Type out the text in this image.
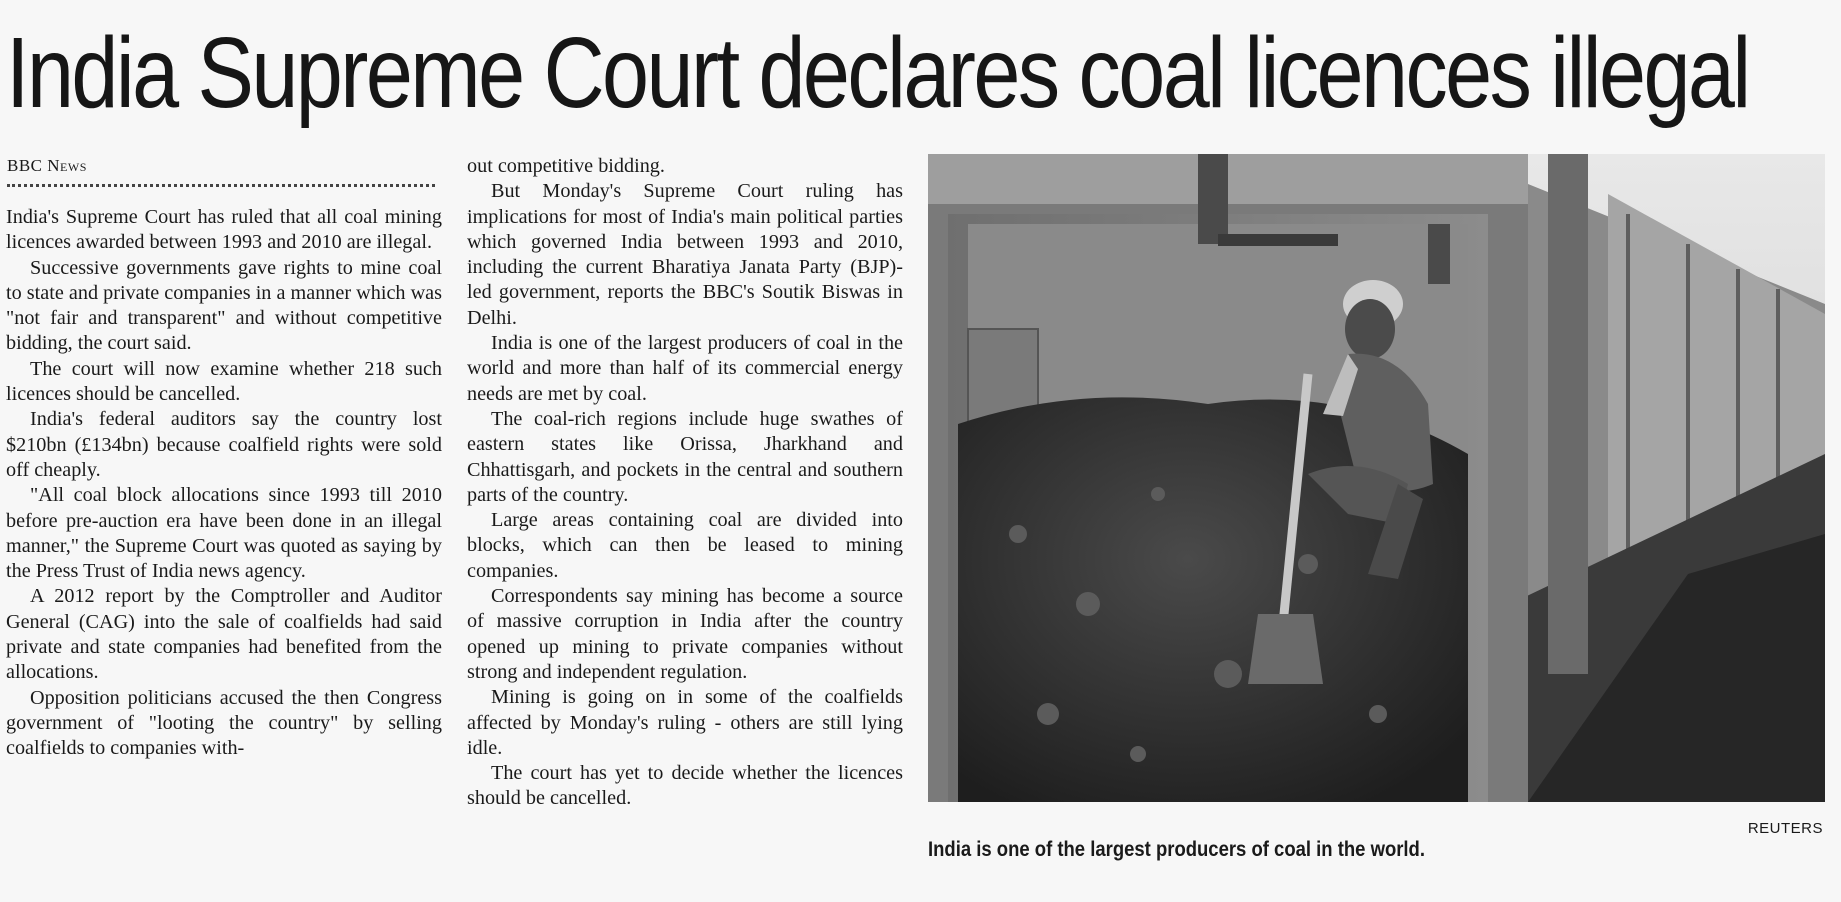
India Supreme Court declares coal licences illegal
BBC News

India's Supreme Court has ruled that all coal mining licences awarded between 1993 and 2010 are illegal.

Successive governments gave rights to mine coal to state and private companies in a manner which was "not fair and transparent" and without competitive bidding, the court said.

The court will now examine whether 218 such licences should be cancelled.

India's federal auditors say the country lost $210bn (£134bn) because coalfield rights were sold off cheaply.

"All coal block allocations since 1993 till 2010 before pre-auction era have been done in an illegal manner," the Supreme Court was quoted as saying by the Press Trust of India news agency.

A 2012 report by the Comptroller and Auditor General (CAG) into the sale of coalfields had said private and state companies had benefited from the allocations.

Opposition politicians accused the then Congress government of "looting the country" by selling coalfields to companies with-

out competitive bidding.

But Monday's Supreme Court ruling has implications for most of India's main political parties which governed India between 1993 and 2010, including the current Bharatiya Janata Party (BJP)-led government, reports the BBC's Soutik Biswas in Delhi.

India is one of the largest producers of coal in the world and more than half of its commercial energy needs are met by coal.

The coal-rich regions include huge swathes of eastern states like Orissa, Jharkhand and Chhattisgarh, and pockets in the central and southern parts of the country.

Large areas containing coal are divided into blocks, which can then be leased to mining companies.

Correspondents say mining has become a source of massive corruption in India after the country opened up mining to private companies without strong and independent regulation.

Mining is going on in some of the coalfields affected by Monday's ruling - others are still lying idle.

The court has yet to decide whether the licences should be cancelled.

REUTERS
India is one of the largest producers of coal in the world.
